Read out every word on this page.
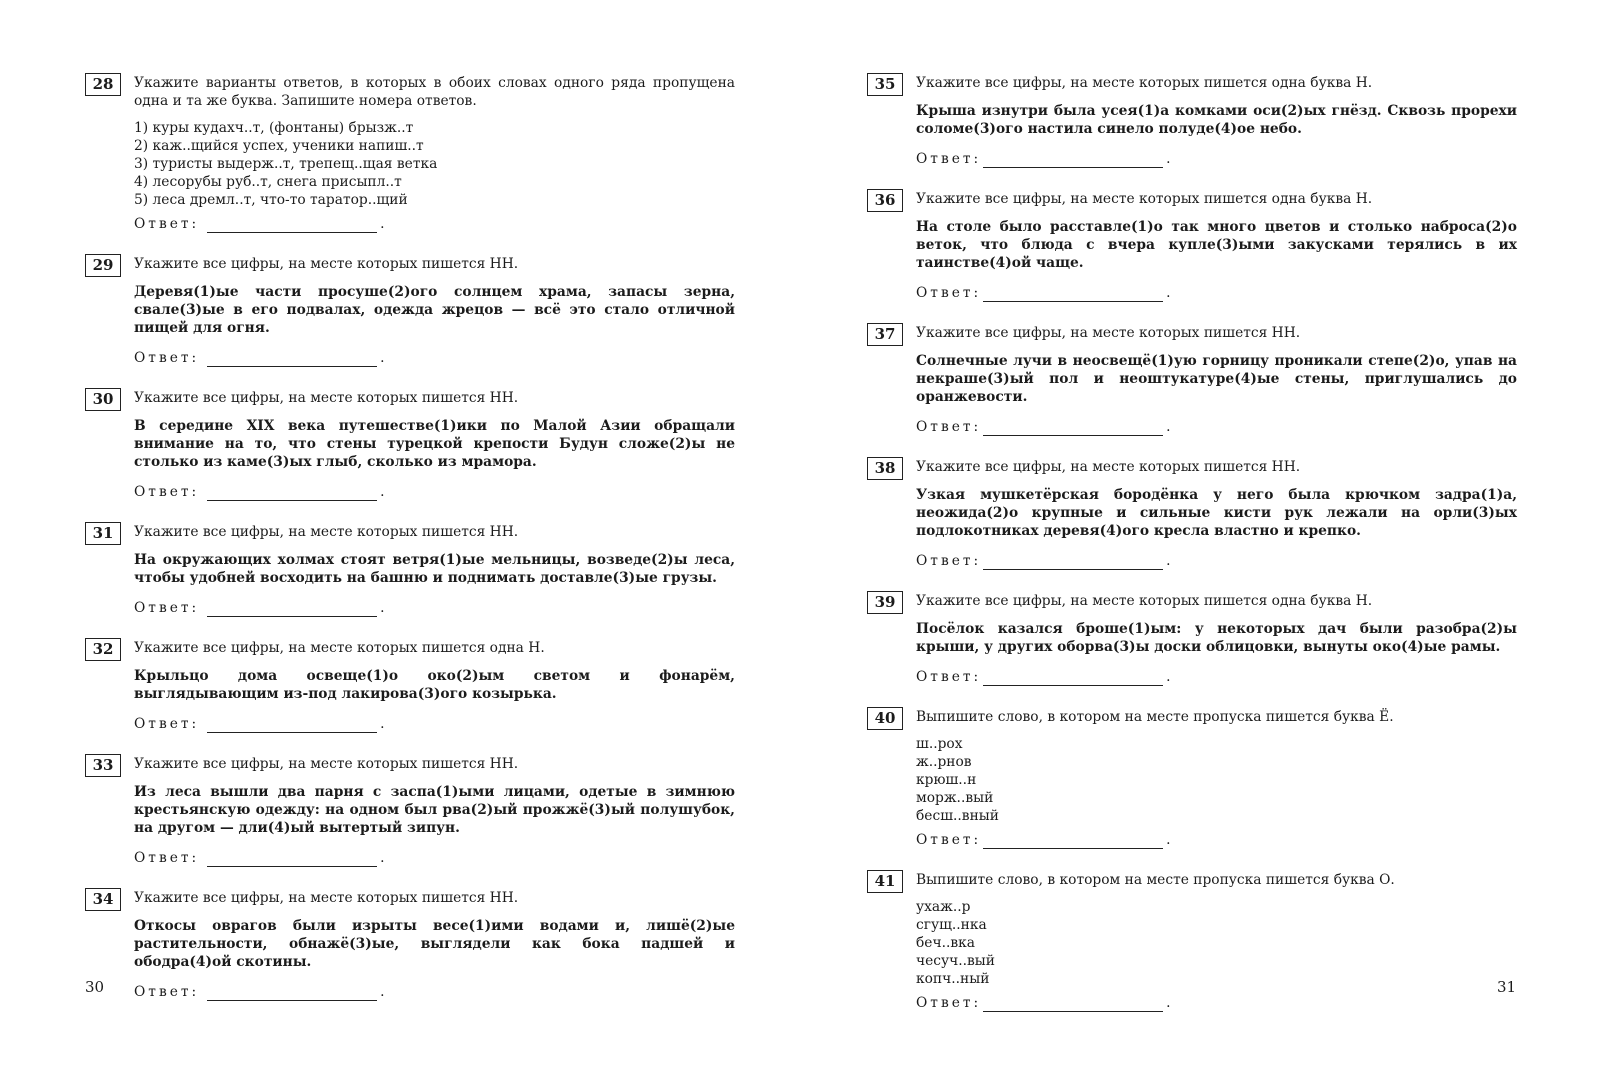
28	Укажите варианты ответов, в которых в обоих словах одного ряда пропущена одна и та же буква. Запишите номера ответов.

1) куры кудахч..т, (фонтаны) брызж..т
2) каж..щийся успех, ученики напиш..т
3) туристы выдерж..т, трепещ..щая ветка
4) лесорубы руб..т, снега присыпл..т
5) леса дремл..т, что-то таратор..щий
Ответ:	.
29	Укажите все цифры, на месте которых пишется НН.

Деревя(1)ые части просуше(2)ого солнцем храма, запасы зерна, свале(3)ые в его подвалах, одежда жрецов — всё это стало отличной пищей для огня.

Ответ:	.
30	Укажите все цифры, на месте которых пишется НН.

В середине XIX века путешестве(1)ики по Малой Азии обращали внимание на то, что стены турецкой крепости Будун сложе(2)ы не столько из каме(3)ых глыб, сколько из мрамора.

Ответ:	.
31	Укажите все цифры, на месте которых пишется НН.

На окружающих холмах стоят ветря(1)ые мельницы, возведе(2)ы леса, чтобы удобней восходить на башню и поднимать доставле(3)ые грузы.

Ответ:	.
32	Укажите все цифры, на месте которых пишется одна Н.

Крыльцо дома освеще(1)о око(2)ым светом и фонарём, выглядывающим из-под лакирова(3)ого козырька.

Ответ:	.
33	Укажите все цифры, на месте которых пишется НН.

Из леса вышли два парня с заспа(1)ыми лицами, одетые в зимнюю крестьянскую одежду: на одном был рва(2)ый прожжё(3)ый полушубок, на другом — дли(4)ый вытертый зипун.

Ответ:	.
34	Укажите все цифры, на месте которых пишется НН.

Откосы оврагов были изрыты весе(1)ими водами и, лишё(2)ые растительности, обнажё(3)ые, выглядели как бока падшей и ободра(4)ой скотины.

Ответ:	.
35	Укажите все цифры, на месте которых пишется одна буква Н.

Крыша изнутри была усея(1)а комками оси(2)ых гнёзд. Сквозь прорехи соломе(3)ого настила синело полуде(4)ое небо.

Ответ:	.
36	Укажите все цифры, на месте которых пишется одна буква Н.

На столе было расставле(1)о так много цветов и столько наброса(2)о веток, что блюда с вчера купле(3)ыми закусками терялись в их таинстве(4)ой чаще.

Ответ:	.
37	Укажите все цифры, на месте которых пишется НН.

Солнечные лучи в неосвещё(1)ую горницу проникали степе(2)о, упав на некраше(3)ый пол и неоштукатуре(4)ые стены, приглушались до оранжевости.

Ответ:	.
38	Укажите все цифры, на месте которых пишется НН.

Узкая мушкетёрская бородёнка у него была крючком задра(1)а, неожида(2)о крупные и сильные кисти рук лежали на орли(3)ых подлокотниках деревя(4)ого кресла властно и крепко.

Ответ:	.
39	Укажите все цифры, на месте которых пишется одна буква Н.

Посёлок казался броше(1)ым: у некоторых дач были разобра(2)ы крыши, у других оборва(3)ы доски облицовки, вынуты око(4)ые рамы.

Ответ:	.
40	Выпишите слово, в котором на месте пропуска пишется буква Ё.

ш..рох
ж..рнов
крюш..н
морж..вый
бесш..вный
Ответ:	.
41	Выпишите слово, в котором на месте пропуска пишется буква О.

ухаж..р
сгущ..нка
беч..вка
чесуч..вый
копч..ный
Ответ:	.
30	31
